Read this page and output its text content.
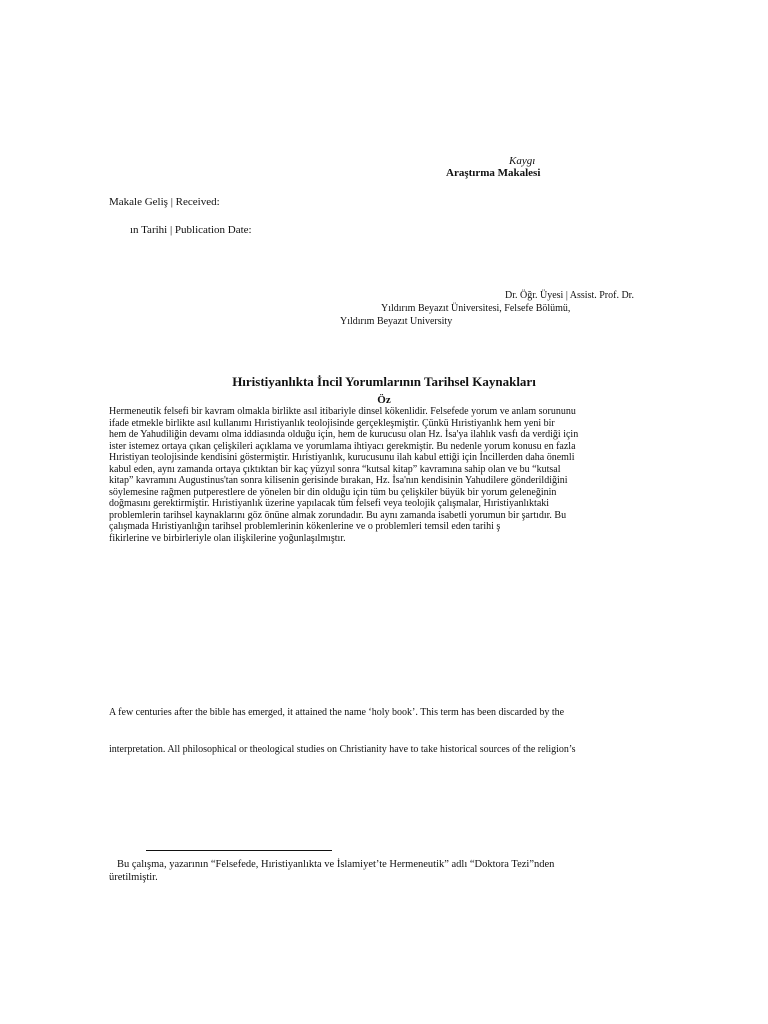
Kaygı
Araştırma Makalesi
Makale Geliş | Received:
ın Tarihi | Publication Date:
Dr. Öğr. Üyesi | Assist. Prof. Dr.
Yıldırım Beyazıt Üniversitesi, Felsefe Bölümü,
Yıldırım Beyazıt University
Hıristiyanlıkta İncil Yorumlarının Tarihsel Kaynakları
Öz
Hermeneutik felsefi bir kavram olmakla birlikte asıl itibariyle dinsel kökenlidir. Felsefede yorum ve anlam sorununu
ifade etmekle birlikte asıl kullanımı Hıristiyanlık teolojisinde gerçekleşmiştir. Çünkü Hıristiyanlık hem yeni bir
hem de Yahudiliğin devamı olma iddiasında olduğu için, hem de kurucusu olan Hz. İsa'ya ilahlık vasfı da verdiği için
ister istemez ortaya çıkan çelişkileri açıklama ve yorumlama ihtiyacı gerekmiştir. Bu nedenle yorum konusu en fazla
Hıristiyan teolojisinde kendisini göstermiştir. Hıristiyanlık, kurucusunu ilah kabul ettiği için İncillerden daha önemli
kabul eden, aynı zamanda ortaya çıktıktan bir kaç yüzyıl sonra “kutsal kitap” kavramına sahip olan ve bu “kutsal
kitap” kavramını Augustinus'tan sonra kilisenin gerisinde bırakan, Hz. İsa'nın kendisinin Yahudilere gönderildiğini
söylemesine rağmen putperestlere de yönelen bir din olduğu için tüm bu çelişkiler büyük bir yorum geleneğinin
doğmasını gerektirmiştir. Hıristiyanlık üzerine yapılacak tüm felsefi veya teolojik çalışmalar, Hıristiyanlıktaki
problemlerin tarihsel kaynaklarını göz önüne almak zorundadır. Bu aynı zamanda isabetli yorumun bir şartıdır. Bu
çalışmada Hıristiyanlığın tarihsel problemlerinin kökenlerine ve o problemleri temsil eden tarihi ş
fikirlerine ve birbirleriyle olan ilişkilerine yoğunlaşılmıştır.
A few centuries after the bible has emerged, it attained the name ‘holy book’. This term has been discarded by the
interpretation. All philosophical or theological studies on Christianity have to take historical sources of the religion’s
Bu çalışma, yazarının “Felsefede, Hıristiyanlıkta ve İslamiyet’te Hermeneutik” adlı “Doktora Tezi”nden
üretilmiştir.
